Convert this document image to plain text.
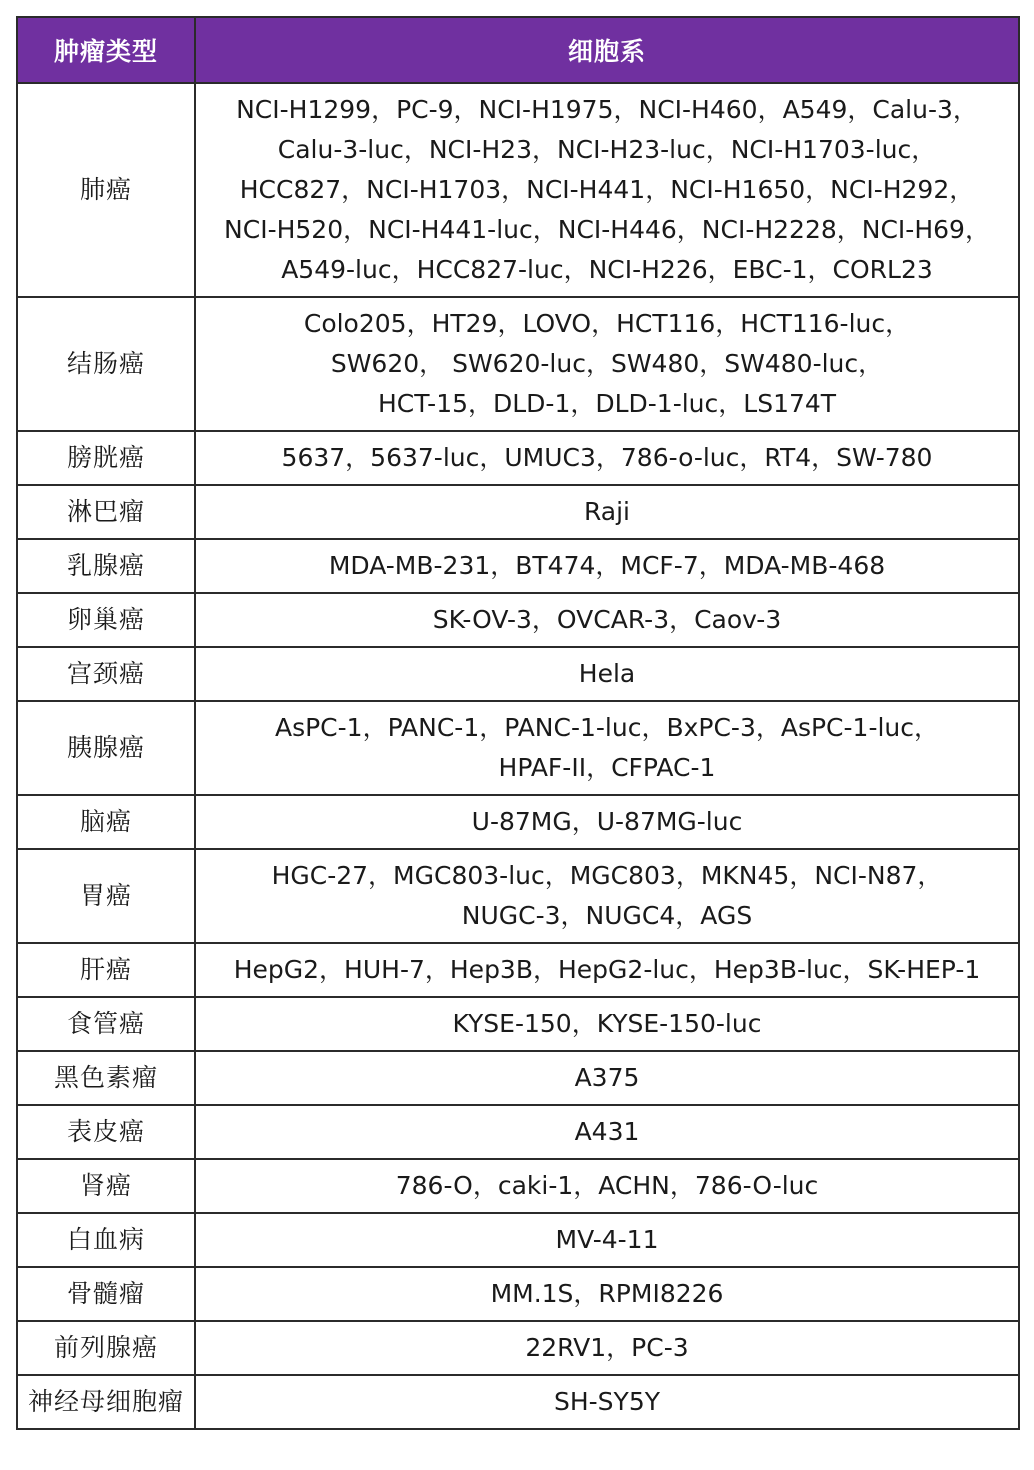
肿瘤类型	细胞系
肺癌	NCI-H1299，PC-9，NCI-H1975，NCI-H460，A549，Calu-3，
Calu-3-luc，NCI-H23，NCI-H23-luc，NCI-H1703-luc，
HCC827，NCI-H1703，NCI-H441，NCI-H1650，NCI-H292，
NCI-H520，NCI-H441-luc，NCI-H446，NCI-H2228，NCI-H69，
A549-luc，HCC827-luc，NCI-H226，EBC-1，CORL23

结肠癌	Colo205，HT29，LOVO，HCT116，HCT116-luc，
SW620， SW620-luc，SW480，SW480-luc，
HCT-15，DLD-1，DLD-1-luc，LS174T

膀胱癌	5637，5637-luc，UMUC3，786-o-luc，RT4，SW-780

淋巴瘤	Raji

乳腺癌	MDA-MB-231，BT474，MCF-7，MDA-MB-468

卵巢癌	SK-OV-3，OVCAR-3，Caov-3

宫颈癌	Hela

胰腺癌	AsPC-1，PANC-1，PANC-1-luc，BxPC-3，AsPC-1-luc，
HPAF-II，CFPAC-1

脑癌	U-87MG，U-87MG-luc

胃癌	HGC-27，MGC803-luc，MGC803，MKN45，NCI-N87，
NUGC-3，NUGC4，AGS

肝癌	HepG2，HUH-7，Hep3B，HepG2-luc，Hep3B-luc，SK-HEP-1

食管癌	KYSE-150，KYSE-150-luc

黑色素瘤	A375

表皮癌	A431

肾癌	786-O，caki-1，ACHN，786-O-luc

白血病	MV-4-11

骨髓瘤	MM.1S，RPMI8226

前列腺癌	22RV1，PC-3

神经母细胞瘤	SH-SY5Y
